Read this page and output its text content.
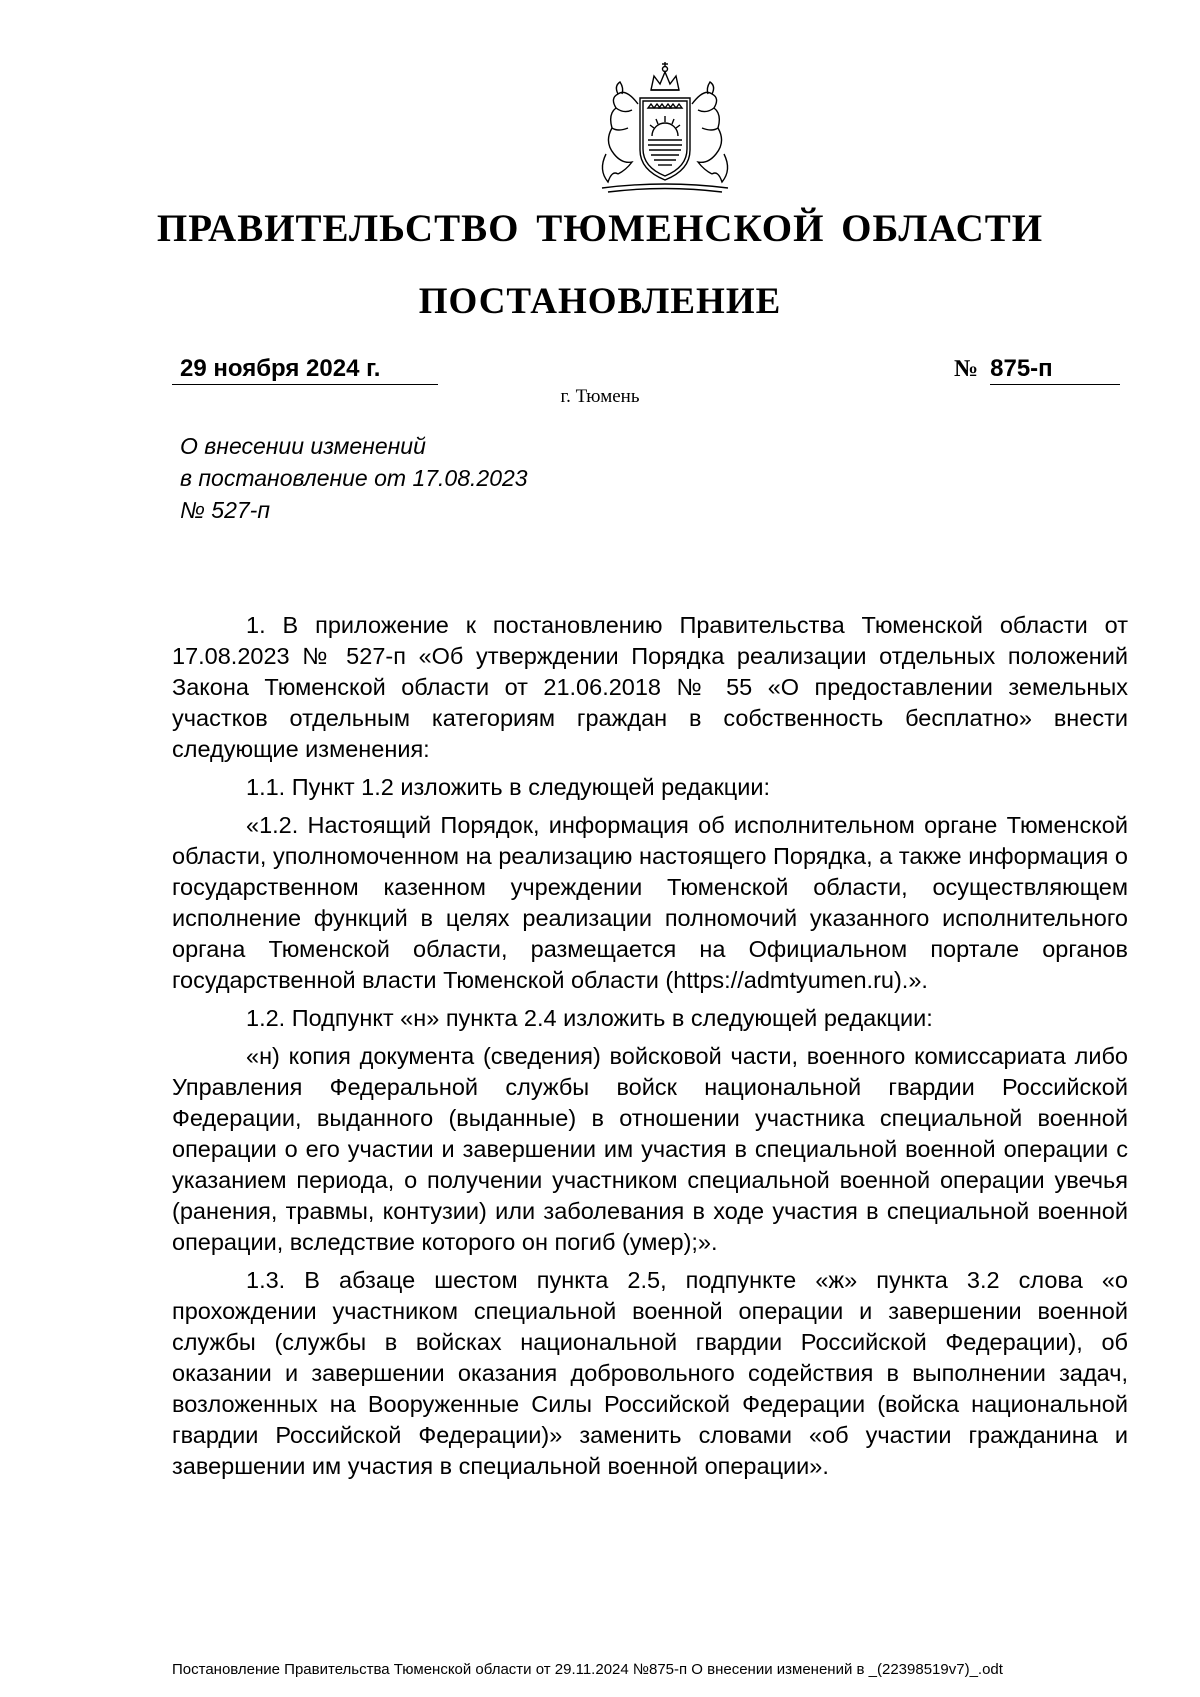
ПРАВИТЕЛЬСТВО ТЮМЕНСКОЙ ОБЛАСТИ
ПОСТАНОВЛЕНИЕ
29 ноября 2024 г.	№ 875-п
г. Тюмень
О внесении изменений
в постановление от 17.08.2023
№ 527-п

1. В приложение к постановлению Правительства Тюменской области от 17.08.2023 № 527-п «Об утверждении Порядка реализации отдельных положений Закона Тюменской области от 21.06.2018 № 55 «О предоставлении земельных участков отдельным категориям граждан в собственность бесплатно» внести следующие изменения:

1.1. Пункт 1.2 изложить в следующей редакции:

«1.2. Настоящий Порядок, информация об исполнительном органе Тюменской области, уполномоченном на реализацию настоящего Порядка, а также информация о государственном казенном учреждении Тюменской области, осуществляющем исполнение функций в целях реализации полномочий указанного исполнительного органа Тюменской области, размещается на Официальном портале органов государственной власти Тюменской области (https://admtyumen.ru).».

1.2. Подпункт «н» пункта 2.4 изложить в следующей редакции:

«н) копия документа (сведения) войсковой части, военного комиссариата либо Управления Федеральной службы войск национальной гвардии Российской Федерации, выданного (выданные) в отношении участника специальной военной операции о его участии и завершении им участия в специальной военной операции с указанием периода, о получении участником специальной военной операции увечья (ранения, травмы, контузии) или заболевания в ходе участия в специальной военной операции, вследствие которого он погиб (умер);».

1.3. В абзаце шестом пункта 2.5, подпункте «ж» пункта 3.2 слова «о прохождении участником специальной военной операции и завершении военной службы (службы в войсках национальной гвардии Российской Федерации), об оказании и завершении оказания добровольного содействия в выполнении задач, возложенных на Вооруженные Силы Российской Федерации (войска национальной гвардии Российской Федерации)» заменить словами «об участии гражданина и завершении им участия в специальной военной операции».

Постановление Правительства Тюменской области от 29.11.2024 №875-п О внесении изменений в _(22398519v7)_.odt
